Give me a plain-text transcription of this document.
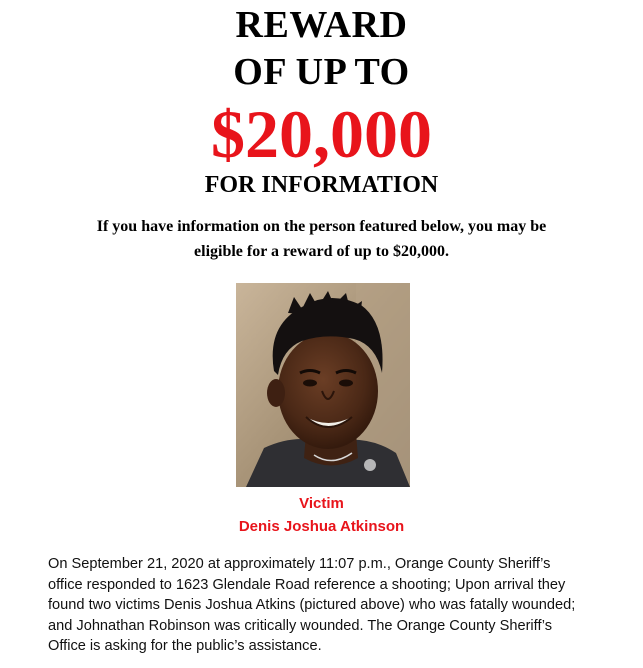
REWARD
OF UP TO
$20,000
FOR INFORMATION

If you have information on the person featured below, you may be
eligible for a reward of up to $20,000.

Victim
Denis Joshua Atkinson

On September 21, 2020 at approximately 11:07 p.m., Orange County Sheriff’s
office responded to 1623 Glendale Road reference a shooting; Upon arrival they
found two victims Denis Joshua Atkins (pictured above) who was fatally wounded;
and Johnathan Robinson was critically wounded. The Orange County Sheriff’s
Office is asking for the public’s assistance.
